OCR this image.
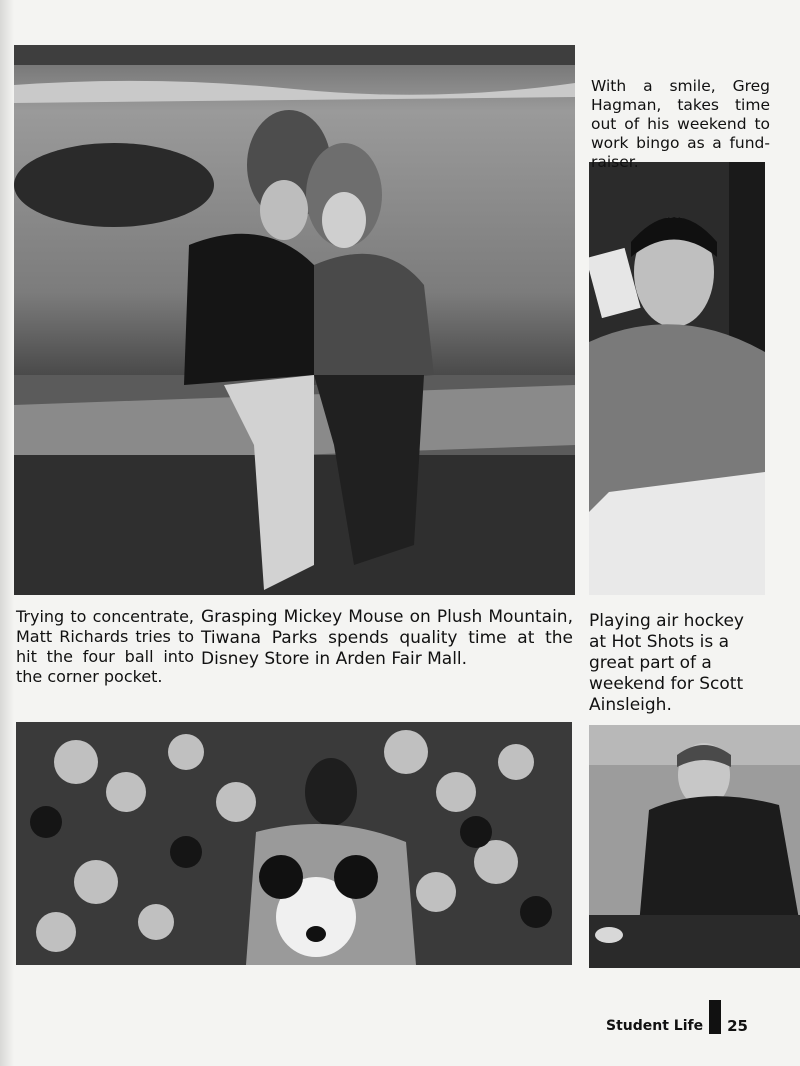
With a smile, Greg Hagman, takes time out of his weekend to work bingo as a fund-raiser.

Trying to concentrate, Matt Richards tries to hit the four ball into the corner pocket.

Grasping Mickey Mouse on Plush Mountain, Tiwana Parks spends quality time at the Disney Store in Arden Fair Mall.

Playing air hockey at Hot Shots is a great part of a weekend for Scott Ainsleigh.

Student Life 25
